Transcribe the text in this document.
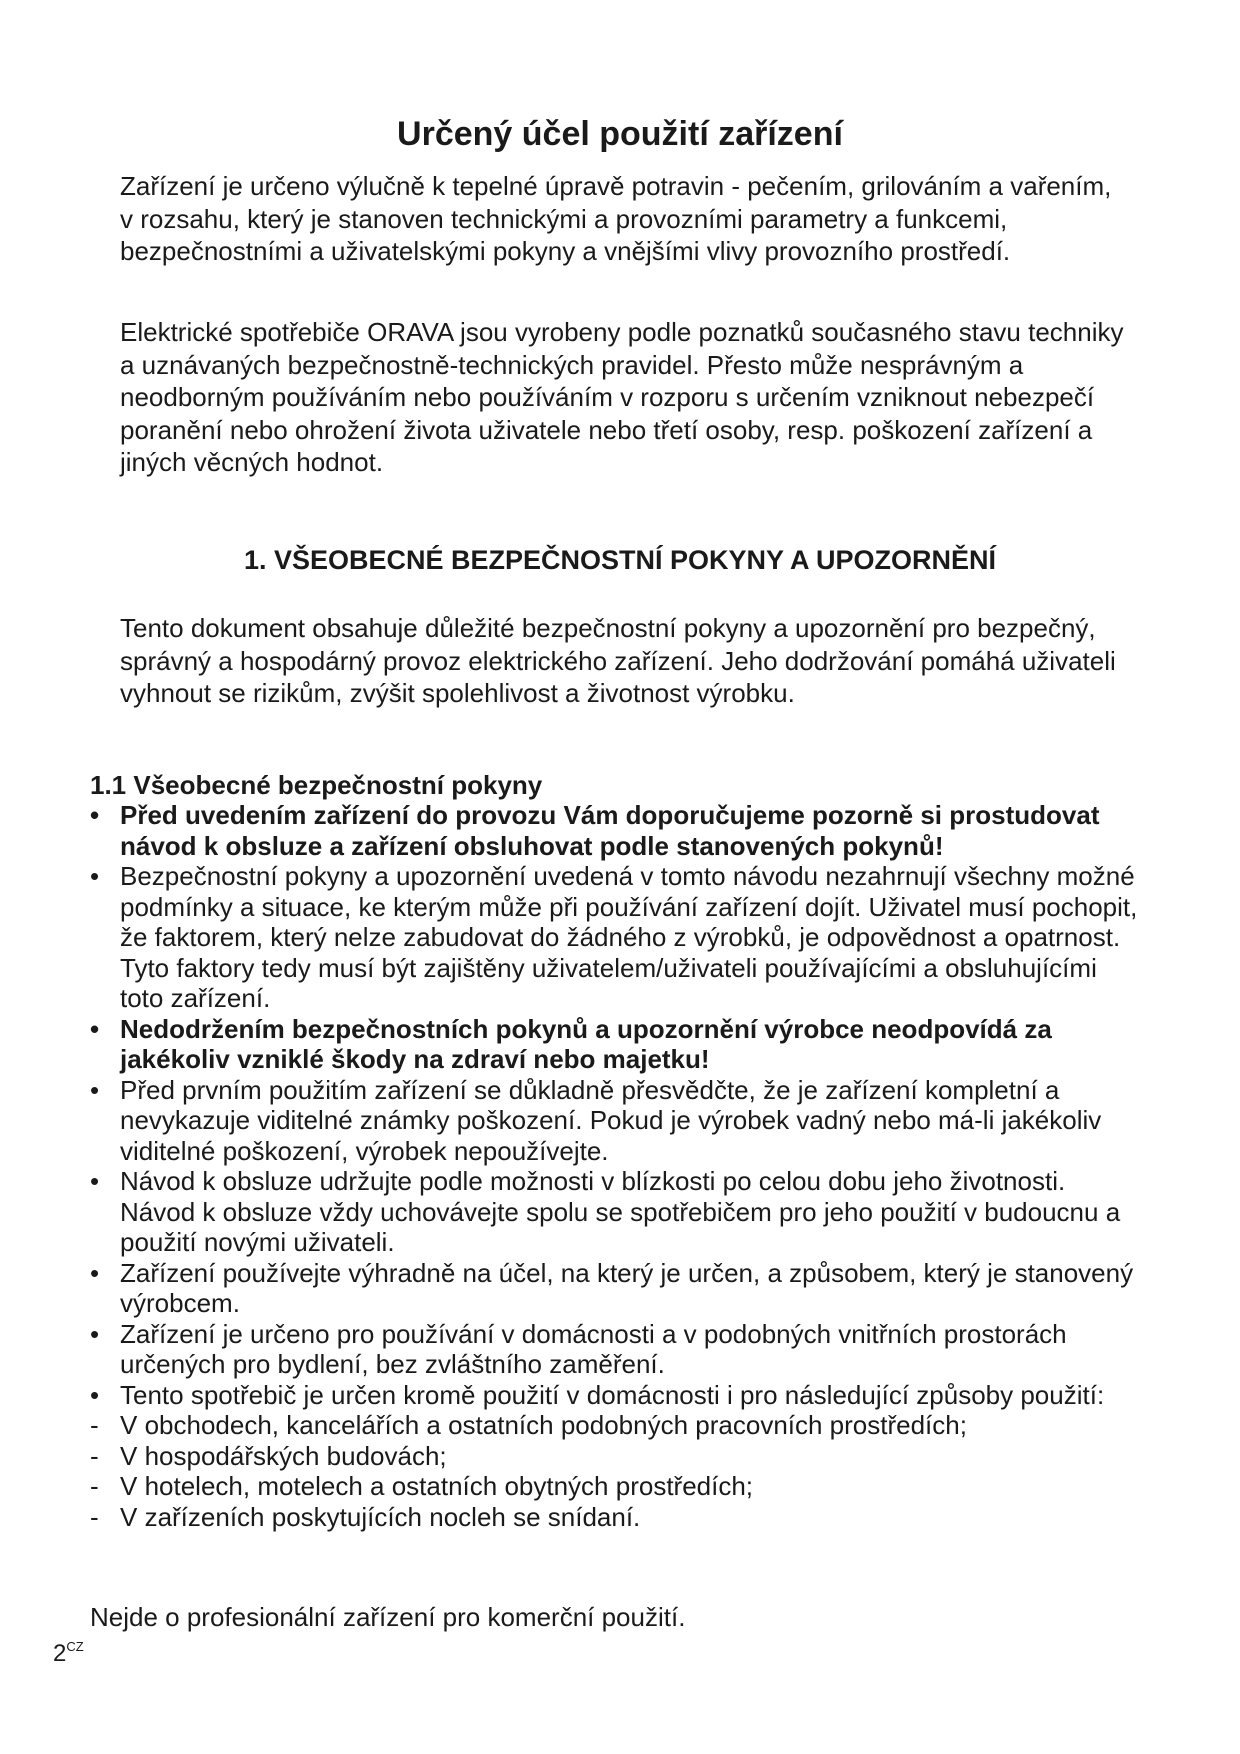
Určený účel použití zařízení

Zařízení je určeno výlučně k tepelné úpravě potravin - pečením, grilováním a vařením, v rozsahu, který je stanoven technickými a provozními parametry a funkcemi, bezpečnostními a uživatelskými pokyny a vnějšími vlivy provozního prostředí.

Elektrické spotřebiče ORAVA jsou vyrobeny podle poznatků současného stavu techniky a uznávaných bezpečnostně-technických pravidel. Přesto může nesprávným a neodborným používáním nebo používáním v rozporu s určením vzniknout nebezpečí poranění nebo ohrožení života uživatele nebo třetí osoby, resp. poškození zařízení a jiných věcných hodnot.

1. VŠEOBECNÉ BEZPEČNOSTNÍ POKYNY A UPOZORNĚNÍ

Tento dokument obsahuje důležité bezpečnostní pokyny a upozornění pro bezpečný, správný a hospodárný provoz elektrického zařízení. Jeho dodržování pomáhá uživateli vyhnout se rizikům, zvýšit spolehlivost a životnost výrobku.

1.1 Všeobecné bezpečnostní pokyny
• Před uvedením zařízení do provozu Vám doporučujeme pozorně si prostudovat návod k obsluze a zařízení obsluhovat podle stanovených pokynů!
• Bezpečnostní pokyny a upozornění uvedená v tomto návodu nezahrnují všechny možné podmínky a situace, ke kterým může při používání zařízení dojít. Uživatel musí pochopit, že faktorem, který nelze zabudovat do žádného z výrobků, je odpovědnost a opatrnost. Tyto faktory tedy musí být zajištěny uživatelem/uživateli používajícími a obsluhujícími toto zařízení.
• Nedodržením bezpečnostních pokynů a upozornění výrobce neodpovídá za jakékoliv vzniklé škody na zdraví nebo majetku!
• Před prvním použitím zařízení se důkladně přesvědčte, že je zařízení kompletní a nevykazuje viditelné známky poškození. Pokud je výrobek vadný nebo má-li jakékoliv viditelné poškození, výrobek nepoužívejte.
• Návod k obsluze udržujte podle možnosti v blízkosti po celou dobu jeho životnosti. Návod k obsluze vždy uchovávejte spolu se spotřebičem pro jeho použití v budoucnu a použití novými uživateli.
• Zařízení používejte výhradně na účel, na který je určen, a způsobem, který je stanovený výrobcem.
• Zařízení je určeno pro používání v domácnosti a v podobných vnitřních prostorách určených pro bydlení, bez zvláštního zaměření.
• Tento spotřebič je určen kromě použití v domácnosti i pro následující způsoby použití:
- V obchodech, kancelářích a ostatních podobných pracovních prostředích;
- V hospodářských budovách;
- V hotelech, motelech a ostatních obytných prostředích;
- V zařízeních poskytujících nocleh se snídaní.

Nejde o profesionální zařízení pro komerční použití.

$2^{CZ}$
